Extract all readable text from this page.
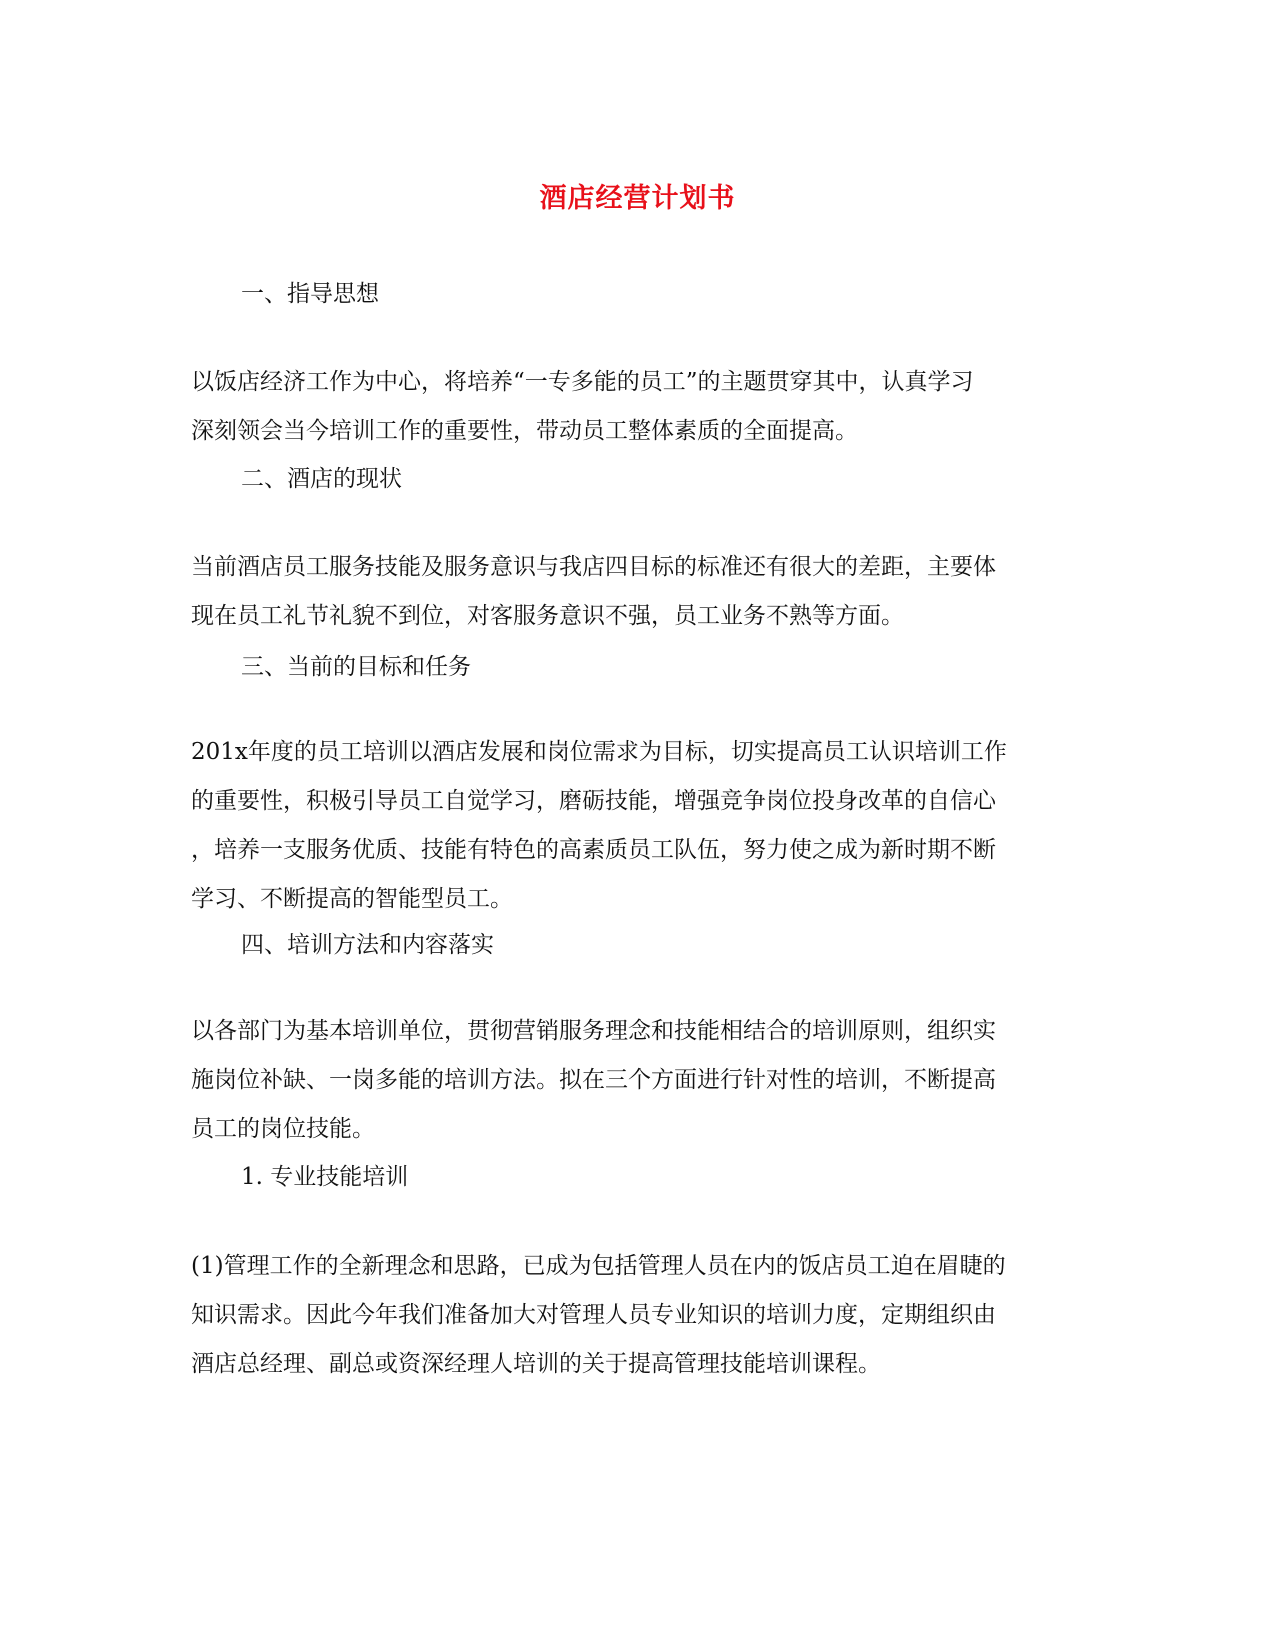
酒店经营计划书
一、指导思想
以饭店经济工作为中心，将培养“一专多能的员工”的主题贯穿其中，认真学习
深刻领会当今培训工作的重要性，带动员工整体素质的全面提高。
二、酒店的现状
当前酒店员工服务技能及服务意识与我店四目标的标准还有很大的差距，主要体
现在员工礼节礼貌不到位，对客服务意识不强，员工业务不熟等方面。
三、当前的目标和任务
201x年度的员工培训以酒店发展和岗位需求为目标，切实提高员工认识培训工作
的重要性，积极引导员工自觉学习，磨砺技能，增强竞争岗位投身改革的自信心
，培养一支服务优质、技能有特色的高素质员工队伍，努力使之成为新时期不断
学习、不断提高的智能型员工。
四、培训方法和内容落实
以各部门为基本培训单位，贯彻营销服务理念和技能相结合的培训原则，组织实
施岗位补缺、一岗多能的培训方法。拟在三个方面进行针对性的培训，不断提高
员工的岗位技能。
1. 专业技能培训
(1)管理工作的全新理念和思路，已成为包括管理人员在内的饭店员工迫在眉睫的
知识需求。因此今年我们准备加大对管理人员专业知识的培训力度，定期组织由
酒店总经理、副总或资深经理人培训的关于提高管理技能培训课程。
